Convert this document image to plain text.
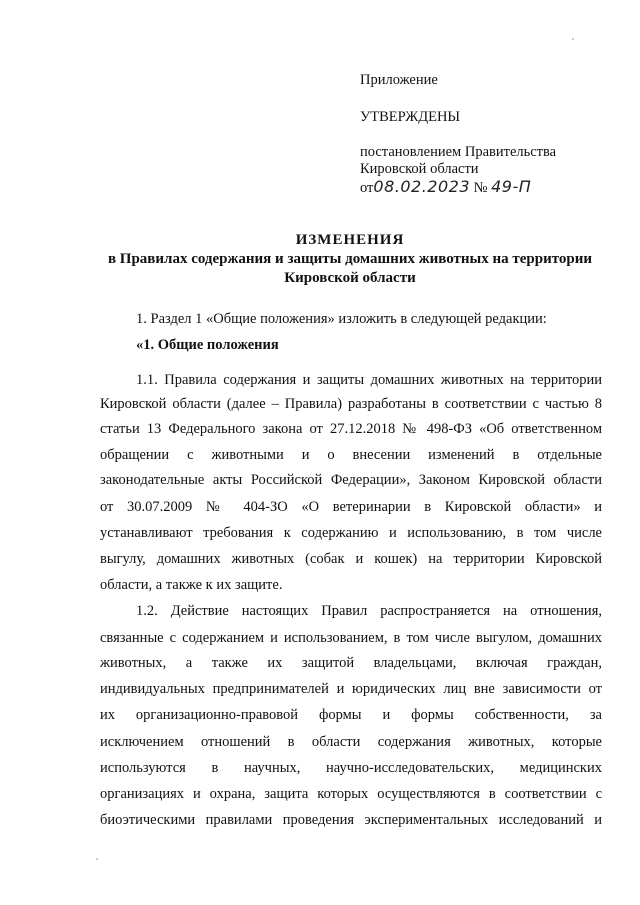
Приложение
УТВЕРЖДЕНЫ
постановлением Правительства
Кировской области
от08.02.2023 № 49-П
ИЗМЕНЕНИЯ
в Правилах содержания и защиты домашних животных на территории
Кировской области
1. Раздел 1 «Общие положения» изложить в следующей редакции:
«1. Общие положения
1.1. Правила содержания и защиты домашних животных на территории
Кировской области (далее – Правила) разработаны в соответствии с частью 8
статьи 13 Федерального закона от 27.12.2018 № 498-ФЗ «Об ответственном
обращении с животными и о внесении изменений в отдельные
законодательные акты Российской Федерации», Законом Кировской области
от 30.07.2009 № 404-ЗО «О ветеринарии в Кировской области» и
устанавливают требования к содержанию и использованию, в том числе
выгулу, домашних животных (собак и кошек) на территории Кировской
области, а также к их защите.
1.2. Действие настоящих Правил распространяется на отношения,
связанные с содержанием и использованием, в том числе выгулом, домашних
животных, а также их защитой владельцами, включая граждан,
индивидуальных предпринимателей и юридических лиц вне зависимости от
их организационно-правовой формы и формы собственности, за
исключением отношений в области содержания животных, которые
используются в научных, научно-исследовательских, медицинских
организациях и охрана, защита которых осуществляются в соответствии с
биоэтическими правилами проведения экспериментальных исследований и
